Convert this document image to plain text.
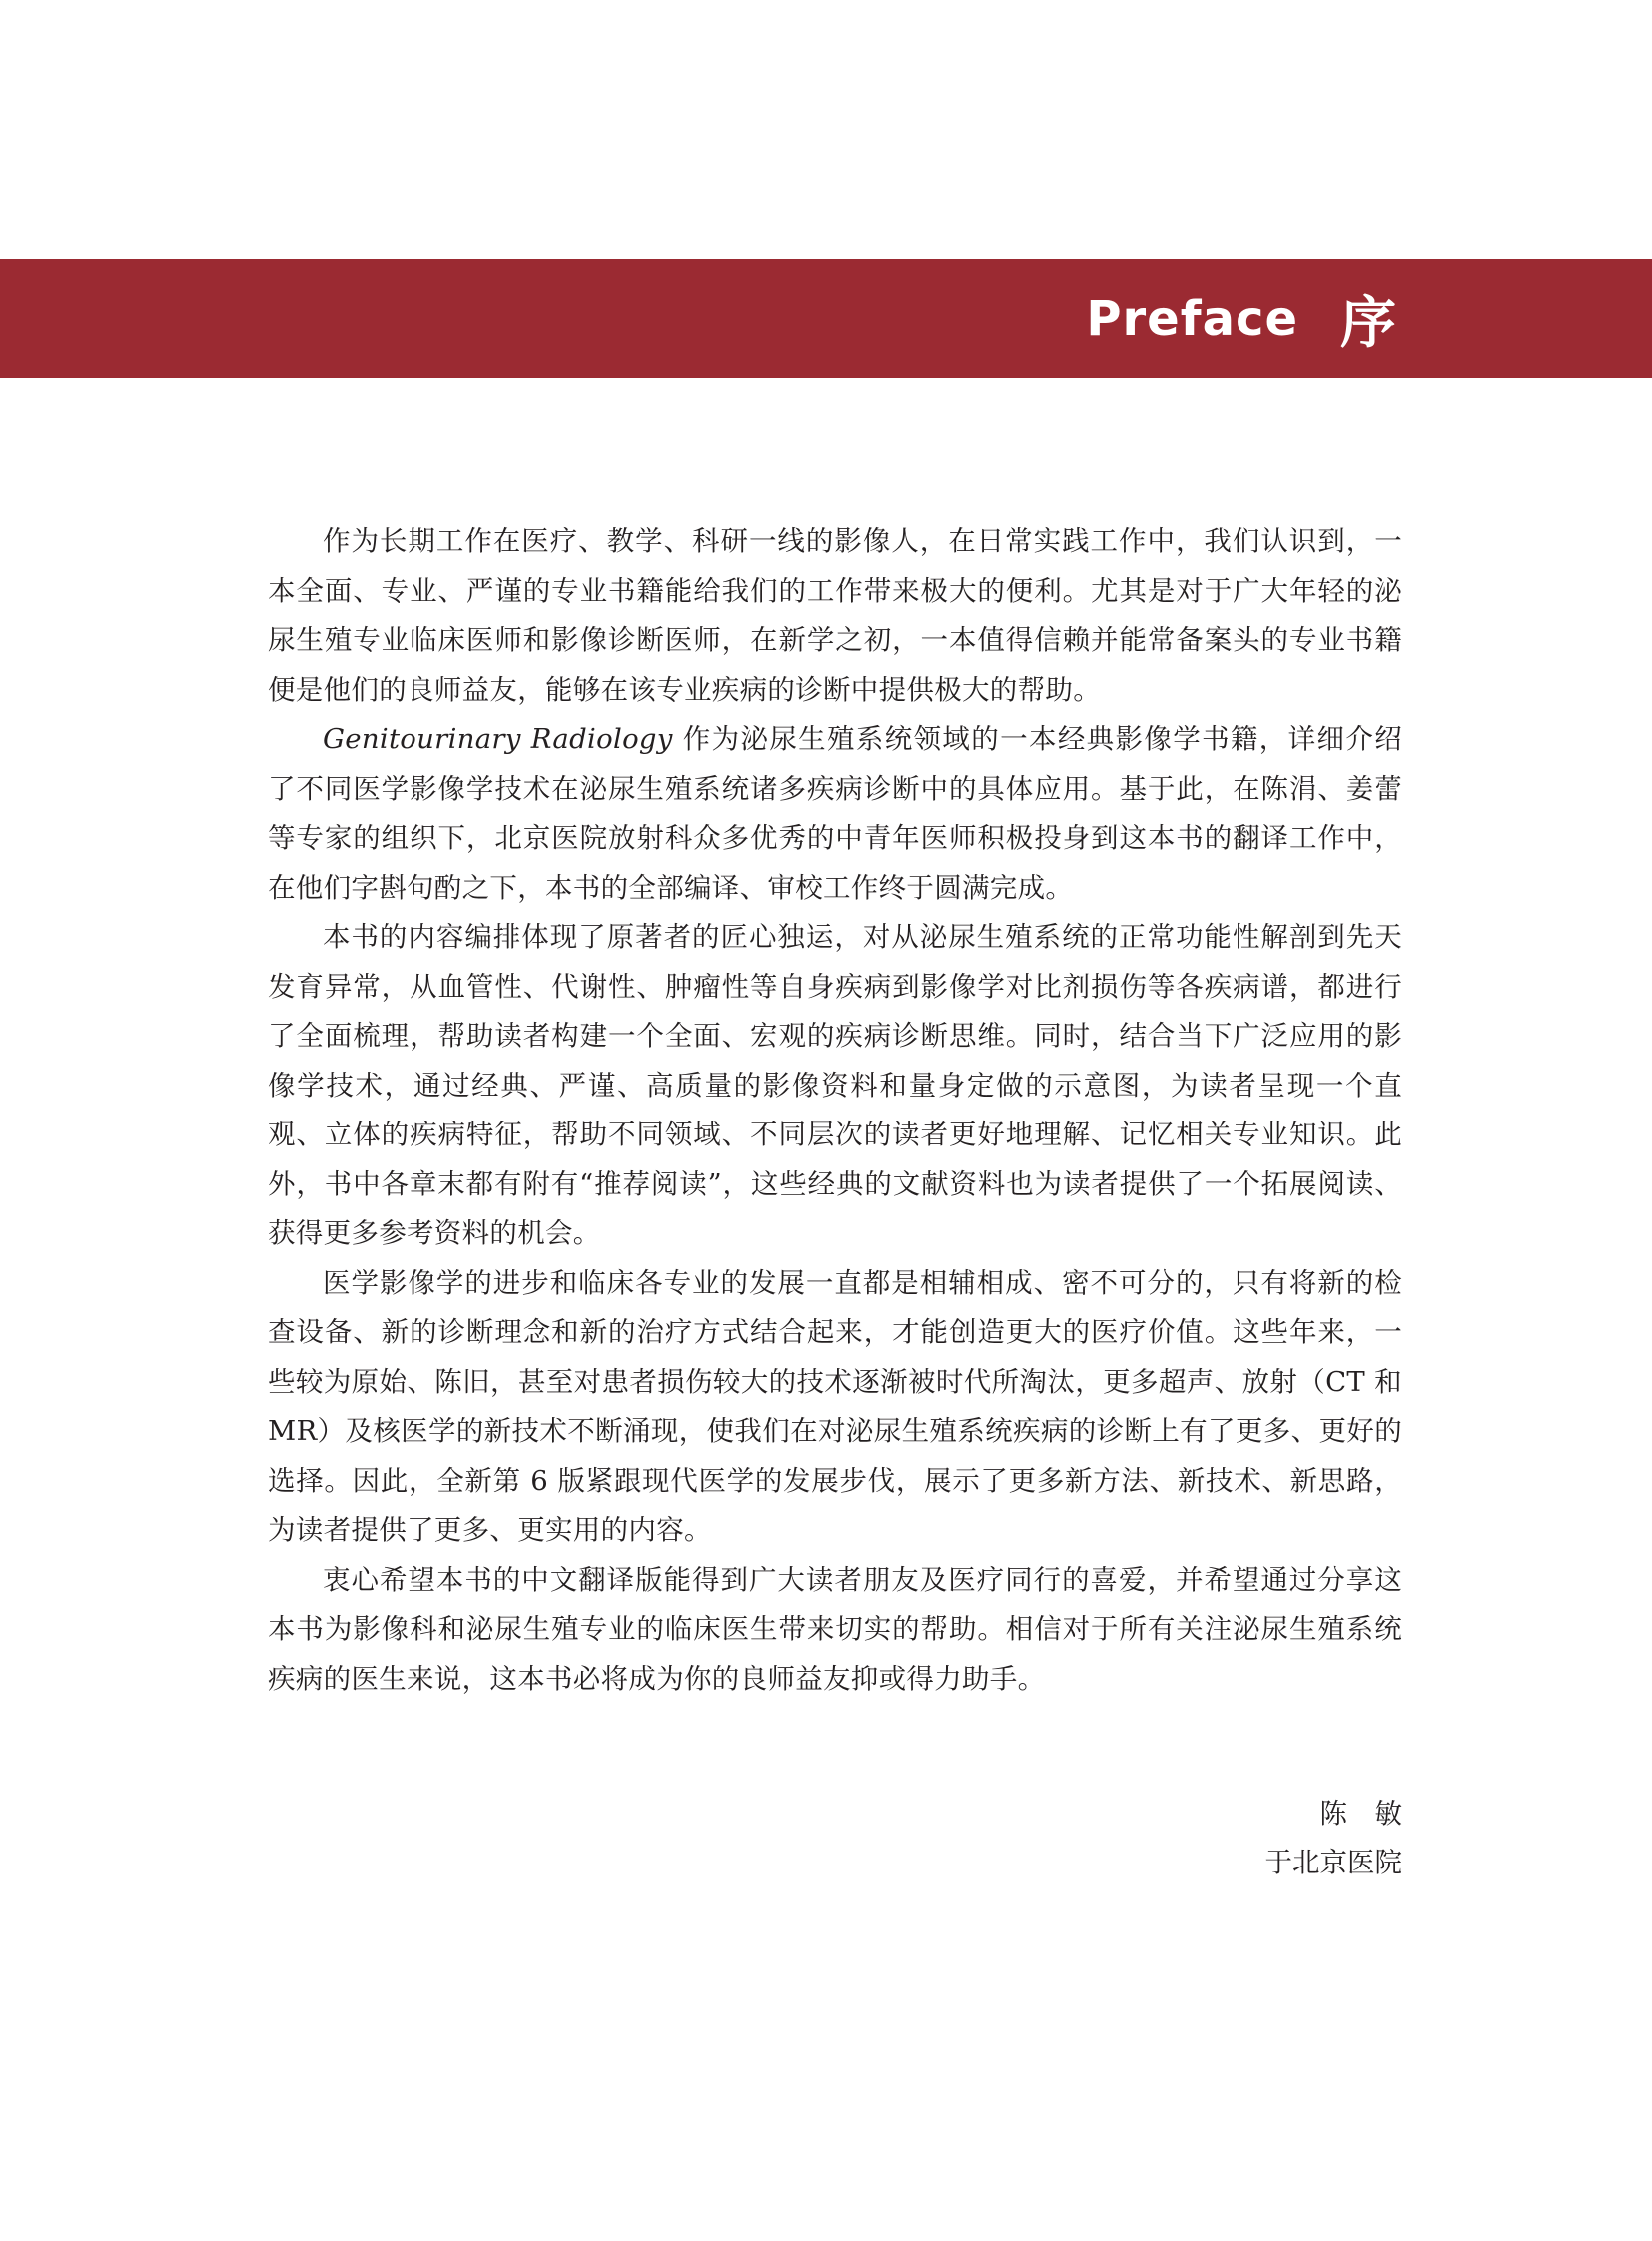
Preface 序

作为长期工作在医疗、教学、科研一线的影像人，在日常实践工作中，我们认识到，一本全面、专业、严谨的专业书籍能给我们的工作带来极大的便利。尤其是对于广大年轻的泌尿生殖专业临床医师和影像诊断医师，在新学之初，一本值得信赖并能常备案头的专业书籍便是他们的良师益友，能够在该专业疾病的诊断中提供极大的帮助。

Genitourinary Radiology 作为泌尿生殖系统领域的一本经典影像学书籍，详细介绍了不同医学影像学技术在泌尿生殖系统诸多疾病诊断中的具体应用。基于此，在陈涓、姜蕾等专家的组织下，北京医院放射科众多优秀的中青年医师积极投身到这本书的翻译工作中，在他们字斟句酌之下，本书的全部编译、审校工作终于圆满完成。

本书的内容编排体现了原著者的匠心独运，对从泌尿生殖系统的正常功能性解剖到先天发育异常，从血管性、代谢性、肿瘤性等自身疾病到影像学对比剂损伤等各疾病谱，都进行了全面梳理，帮助读者构建一个全面、宏观的疾病诊断思维。同时，结合当下广泛应用的影像学技术，通过经典、严谨、高质量的影像资料和量身定做的示意图，为读者呈现一个直观、立体的疾病特征，帮助不同领域、不同层次的读者更好地理解、记忆相关专业知识。此外，书中各章末都有附有“推荐阅读”，这些经典的文献资料也为读者提供了一个拓展阅读、获得更多参考资料的机会。

医学影像学的进步和临床各专业的发展一直都是相辅相成、密不可分的，只有将新的检查设备、新的诊断理念和新的治疗方式结合起来，才能创造更大的医疗价值。这些年来，一些较为原始、陈旧，甚至对患者损伤较大的技术逐渐被时代所淘汰，更多超声、放射（CT 和 MR）及核医学的新技术不断涌现，使我们在对泌尿生殖系统疾病的诊断上有了更多、更好的选择。因此，全新第 6 版紧跟现代医学的发展步伐，展示了更多新方法、新技术、新思路，为读者提供了更多、更实用的内容。

衷心希望本书的中文翻译版能得到广大读者朋友及医疗同行的喜爱，并希望通过分享这本书为影像科和泌尿生殖专业的临床医生带来切实的帮助。相信对于所有关注泌尿生殖系统疾病的医生来说，这本书必将成为你的良师益友抑或得力助手。

陈　敏
于北京医院
